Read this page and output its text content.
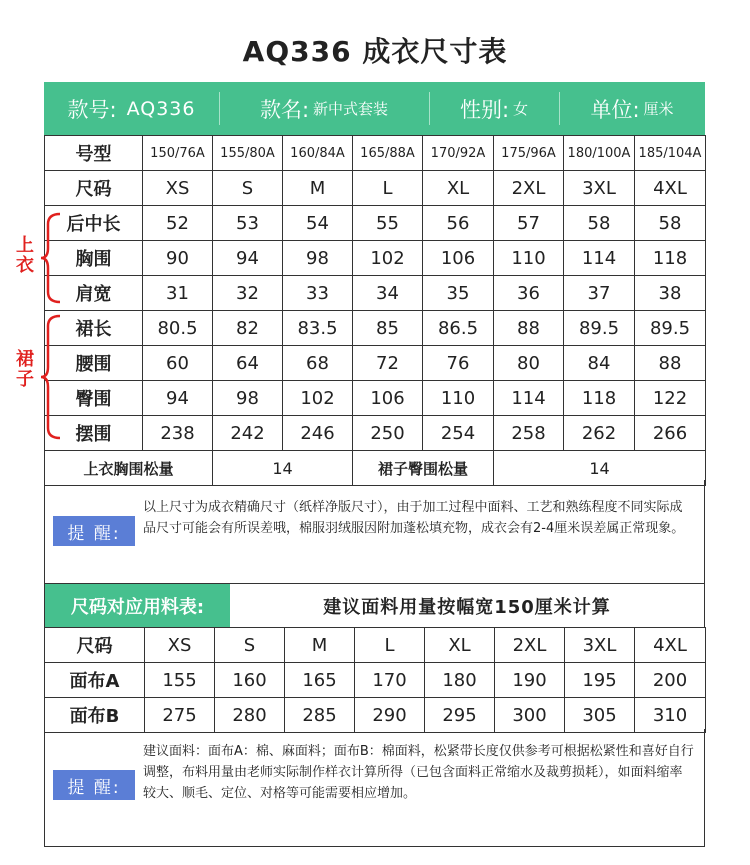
AQ336 成衣尺寸表
款号: AQ336	款名: 新中式套装	性别: 女	单位: 厘米
号型	150/76A	155/80A	160/84A	165/88A	170/92A	175/96A	180/100A	185/104A
尺码	XS	S	M	L	XL	2XL	3XL	4XL
后中长	52	53	54	55	56	57	58	58
胸围	90	94	98	102	106	110	114	118
肩宽	31	32	33	34	35	36	37	38
裙长	80.5	82	83.5	85	86.5	88	89.5	89.5
腰围	60	64	68	72	76	80	84	88
臀围	94	98	102	106	110	114	118	122
摆围	238	242	246	250	254	258	262	266
上衣胸围松量		14		裙子臀围松量		14		
上衣
裙子
提 醒:
以上尺寸为成衣精确尺寸（纸样净版尺寸），由于加工过程中面料、工艺和熟练程度不同实际成品尺寸可能会有所误差哦，棉服羽绒服因附加蓬松填充物，成衣会有2-4厘米误差属正常现象。
尺码对应用料表:	建议面料用量按幅宽150厘米计算
尺码	XS	S	M	L	XL	2XL	3XL	4XL
面布A	155	160	165	170	180	190	195	200
面布B	275	280	285	290	295	300	305	310
提 醒:
建议面料：面布A：棉、麻面料；面布B：棉面料，松紧带长度仅供参考可根据松紧性和喜好自行调整，布料用量由老师实际制作样衣计算所得（已包含面料正常缩水及裁剪损耗），如面料缩率较大、顺毛、定位、对格等可能需要相应增加。
